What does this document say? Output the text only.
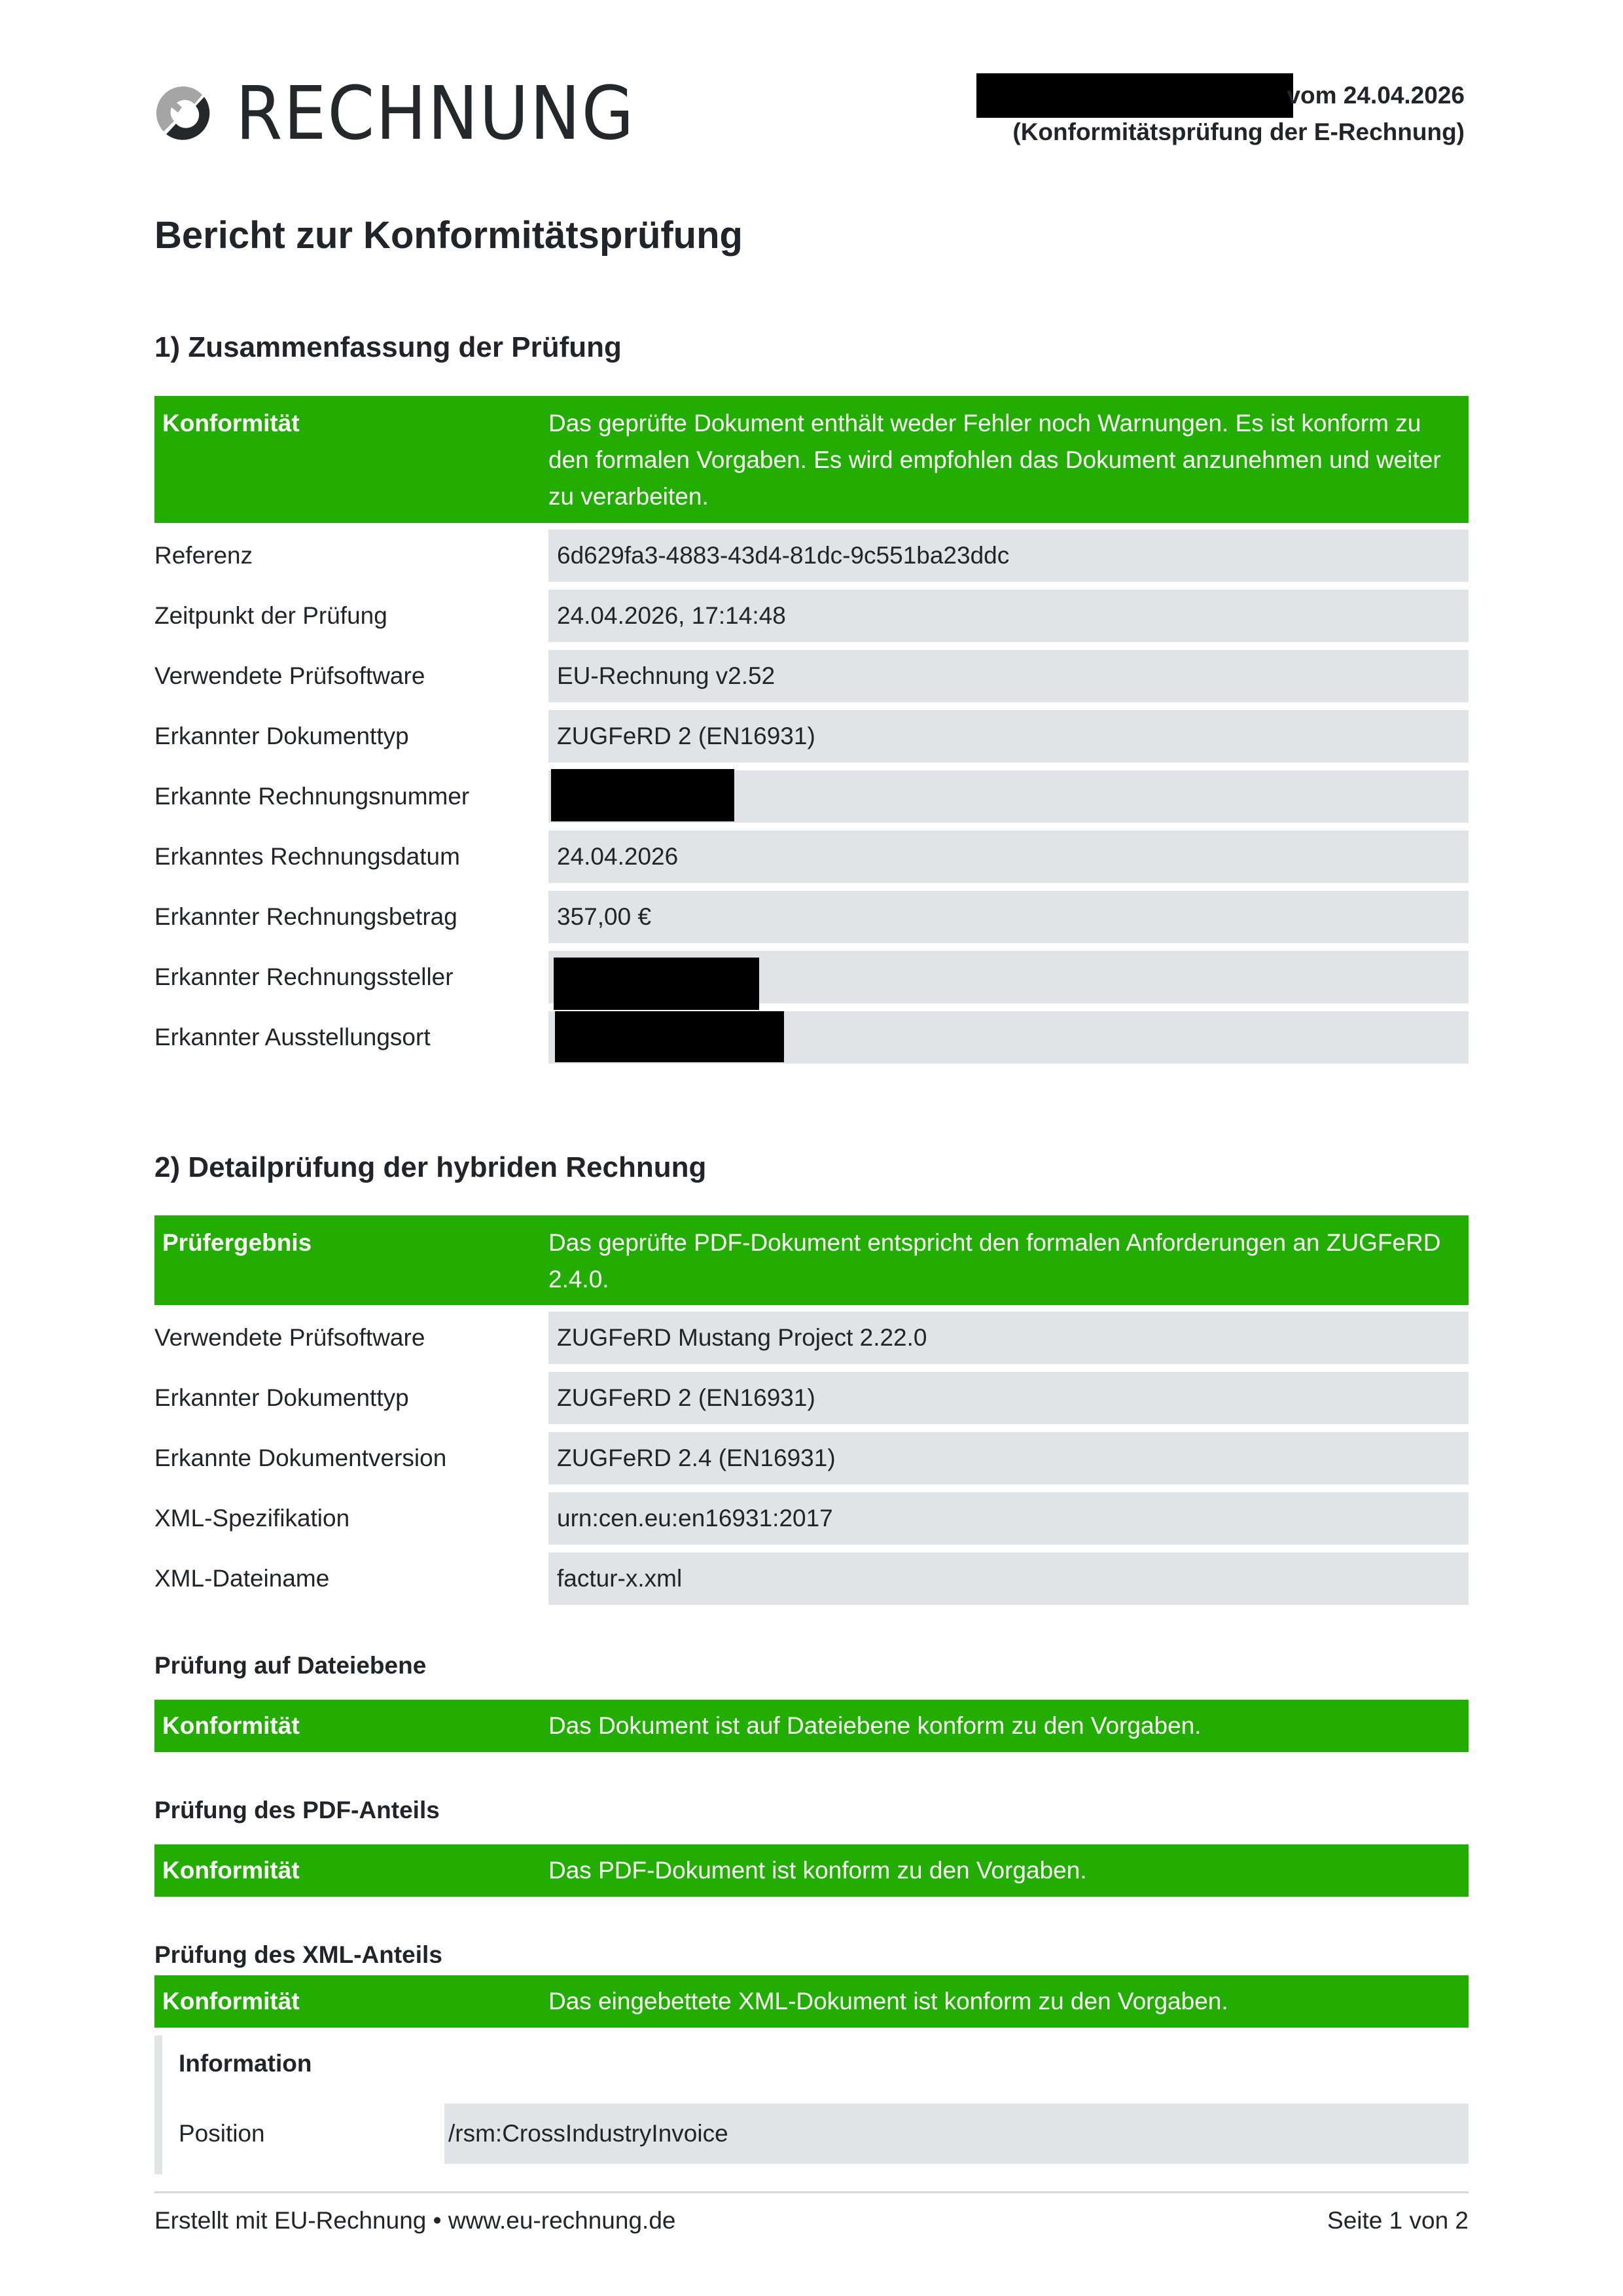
RECHNUNG	vom 24.04.2026
(Konformitätsprüfung der E-Rechnung)
Bericht zur Konformitätsprüfung
1) Zusammenfassung der Prüfung
Konformität	Das geprüfte Dokument enthält weder Fehler noch Warnungen. Es ist konform zu den formalen Vorgaben. Es wird empfohlen das Dokument anzunehmen und weiter zu verarbeiten.
Referenz	6d629fa3-4883-43d4-81dc-9c551ba23ddc
Zeitpunkt der Prüfung	24.04.2026, 17:14:48
Verwendete Prüfsoftware	EU-Rechnung v2.52
Erkannter Dokumenttyp	ZUGFeRD 2 (EN16931)
Erkannte Rechnungsnummer
Erkanntes Rechnungsdatum	24.04.2026
Erkannter Rechnungsbetrag	357,00 €
Erkannter Rechnungssteller
Erkannter Ausstellungsort
2) Detailprüfung der hybriden Rechnung
Prüfergebnis	Das geprüfte PDF-Dokument entspricht den formalen Anforderungen an ZUGFeRD 2.4.0.
Verwendete Prüfsoftware	ZUGFeRD Mustang Project 2.22.0
Erkannter Dokumenttyp	ZUGFeRD 2 (EN16931)
Erkannte Dokumentversion	ZUGFeRD 2.4 (EN16931)
XML-Spezifikation	urn:cen.eu:en16931:2017
XML-Dateiname	factur-x.xml
Prüfung auf Dateiebene
Konformität	Das Dokument ist auf Dateiebene konform zu den Vorgaben.
Prüfung des PDF-Anteils
Konformität	Das PDF-Dokument ist konform zu den Vorgaben.
Prüfung des XML-Anteils
Konformität	Das eingebettete XML-Dokument ist konform zu den Vorgaben.
Information
Position	/rsm:CrossIndustryInvoice
Erstellt mit EU-Rechnung • www.eu-rechnung.de	Seite 1 von 2
